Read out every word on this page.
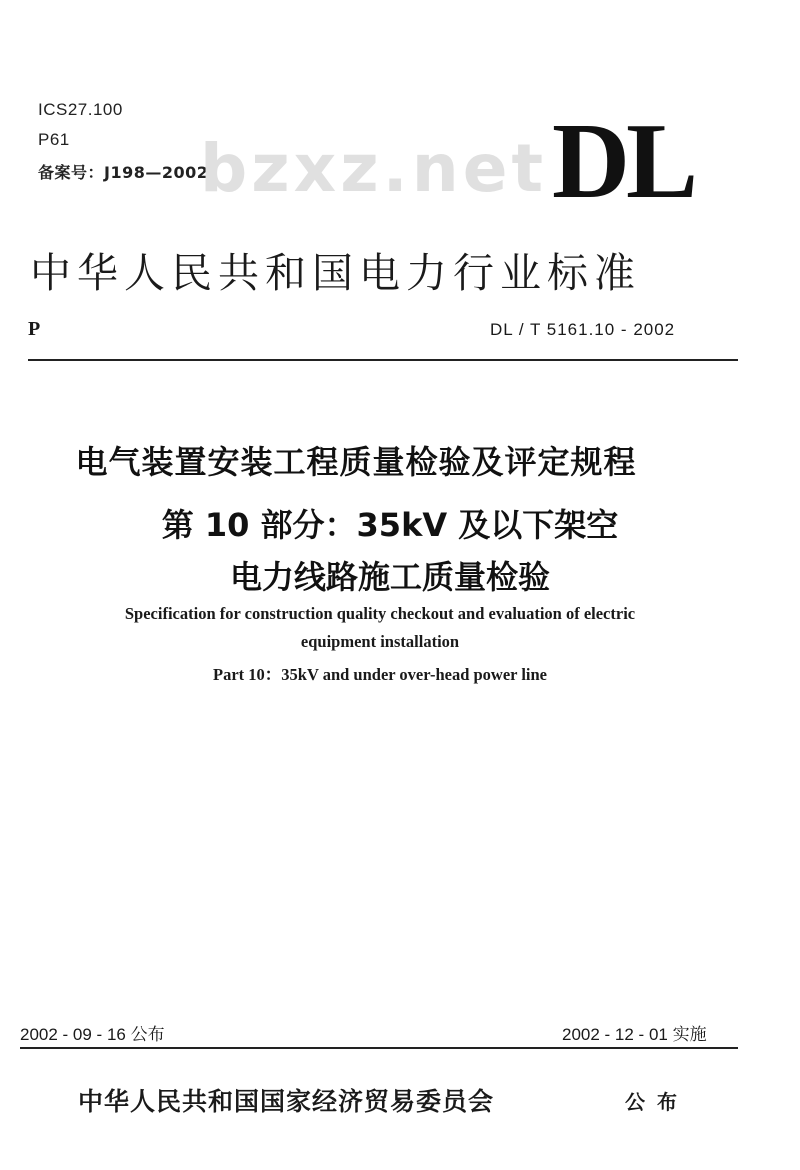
ICS27.100
P61
备案号：J198—2002
bzxz.net DL
中华人民共和国电力行业标准
P	DL / T 5161.10 - 2002
电气装置安装工程质量检验及评定规程
第 10 部分：35kV 及以下架空
电力线路施工质量检验
Specification for construction quality checkout and evaluation of electric
equipment installation
Part 10：35kV and under over-head power line
2002 - 09 - 16 公布	2002 - 12 - 01 实施
中华人民共和国国家经济贸易委员会	公布
